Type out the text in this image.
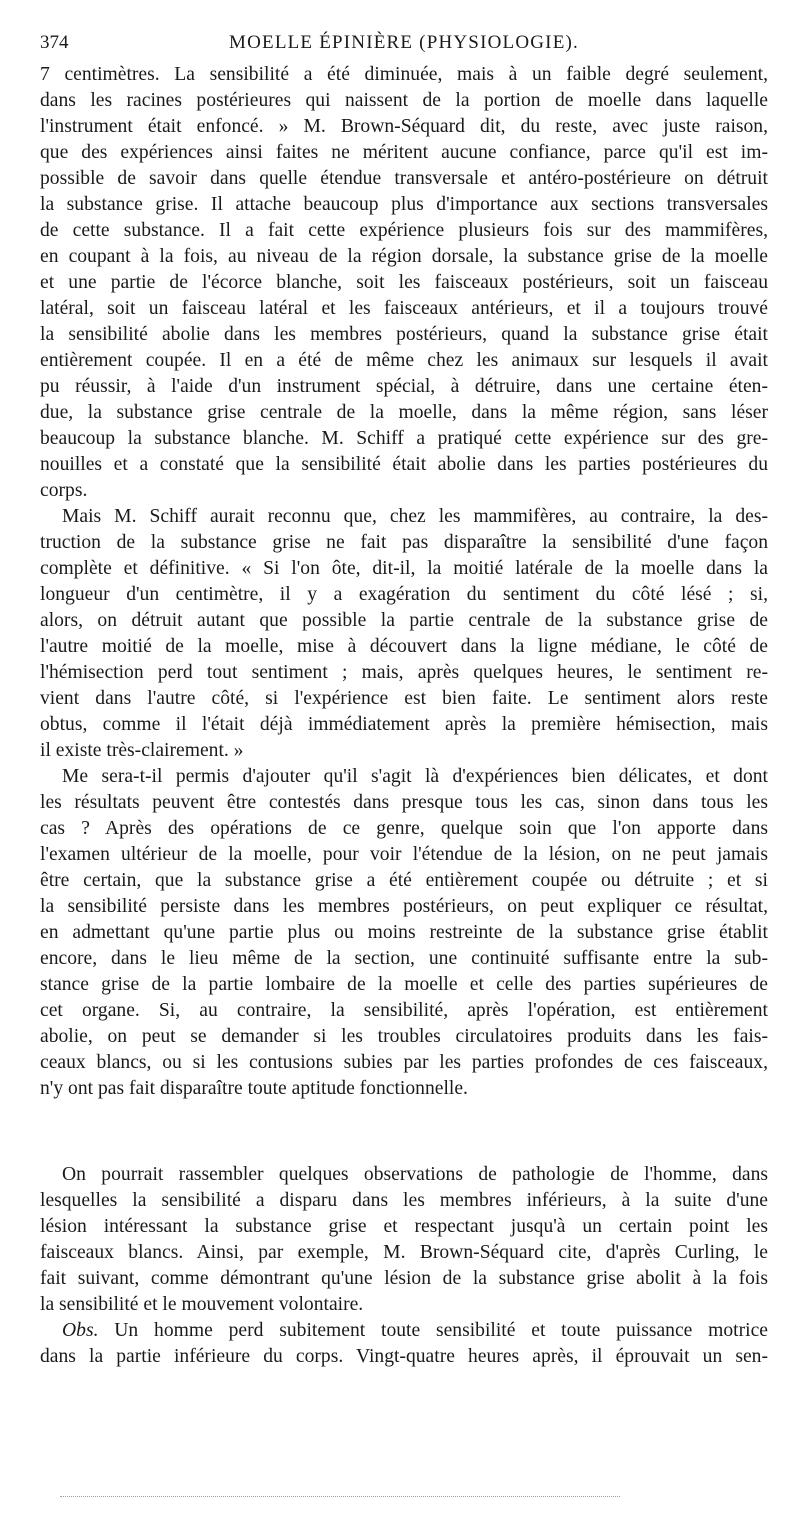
374	MOELLE ÉPINIÈRE (PHYSIOLOGIE).
7 centimètres. La sensibilité a été diminuée, mais à un faible degré seulement,
dans les racines postérieures qui naissent de la portion de moelle dans laquelle
l'instrument était enfoncé. » M. Brown-Séquard dit, du reste, avec juste raison,
que des expériences ainsi faites ne méritent aucune confiance, parce qu'il est im-
possible de savoir dans quelle étendue transversale et antéro-postérieure on détruit
la substance grise. Il attache beaucoup plus d'importance aux sections transversales
de cette substance. Il a fait cette expérience plusieurs fois sur des mammifères,
en coupant à la fois, au niveau de la région dorsale, la substance grise de la moelle
et une partie de l'écorce blanche, soit les faisceaux postérieurs, soit un faisceau
latéral, soit un faisceau latéral et les faisceaux antérieurs, et il a toujours trouvé
la sensibilité abolie dans les membres postérieurs, quand la substance grise était
entièrement coupée. Il en a été de même chez les animaux sur lesquels il avait
pu réussir, à l'aide d'un instrument spécial, à détruire, dans une certaine éten-
due, la substance grise centrale de la moelle, dans la même région, sans léser
beaucoup la substance blanche. M. Schiff a pratiqué cette expérience sur des gre-
nouilles et a constaté que la sensibilité était abolie dans les parties postérieures du
corps.
Mais M. Schiff aurait reconnu que, chez les mammifères, au contraire, la des-
truction de la substance grise ne fait pas disparaître la sensibilité d'une façon
complète et définitive. « Si l'on ôte, dit-il, la moitié latérale de la moelle dans la
longueur d'un centimètre, il y a exagération du sentiment du côté lésé ; si,
alors, on détruit autant que possible la partie centrale de la substance grise de
l'autre moitié de la moelle, mise à découvert dans la ligne médiane, le côté de
l'hémisection perd tout sentiment ; mais, après quelques heures, le sentiment re-
vient dans l'autre côté, si l'expérience est bien faite. Le sentiment alors reste
obtus, comme il l'était déjà immédiatement après la première hémisection, mais
il existe très-clairement. »
Me sera-t-il permis d'ajouter qu'il s'agit là d'expériences bien délicates, et dont
les résultats peuvent être contestés dans presque tous les cas, sinon dans tous les
cas ? Après des opérations de ce genre, quelque soin que l'on apporte dans
l'examen ultérieur de la moelle, pour voir l'étendue de la lésion, on ne peut jamais
être certain, que la substance grise a été entièrement coupée ou détruite ; et si
la sensibilité persiste dans les membres postérieurs, on peut expliquer ce résultat,
en admettant qu'une partie plus ou moins restreinte de la substance grise établit
encore, dans le lieu même de la section, une continuité suffisante entre la sub-
stance grise de la partie lombaire de la moelle et celle des parties supérieures de
cet organe. Si, au contraire, la sensibilité, après l'opération, est entièrement
abolie, on peut se demander si les troubles circulatoires produits dans les fais-
ceaux blancs, ou si les contusions subies par les parties profondes de ces faisceaux,
n'y ont pas fait disparaître toute aptitude fonctionnelle.
On pourrait rassembler quelques observations de pathologie de l'homme, dans
lesquelles la sensibilité a disparu dans les membres inférieurs, à la suite d'une
lésion intéressant la substance grise et respectant jusqu'à un certain point les
faisceaux blancs. Ainsi, par exemple, M. Brown-Séquard cite, d'après Curling, le
fait suivant, comme démontrant qu'une lésion de la substance grise abolit à la fois
la sensibilité et le mouvement volontaire.
Obs. Un homme perd subitement toute sensibilité et toute puissance motrice
dans la partie inférieure du corps. Vingt-quatre heures après, il éprouvait un sen-
